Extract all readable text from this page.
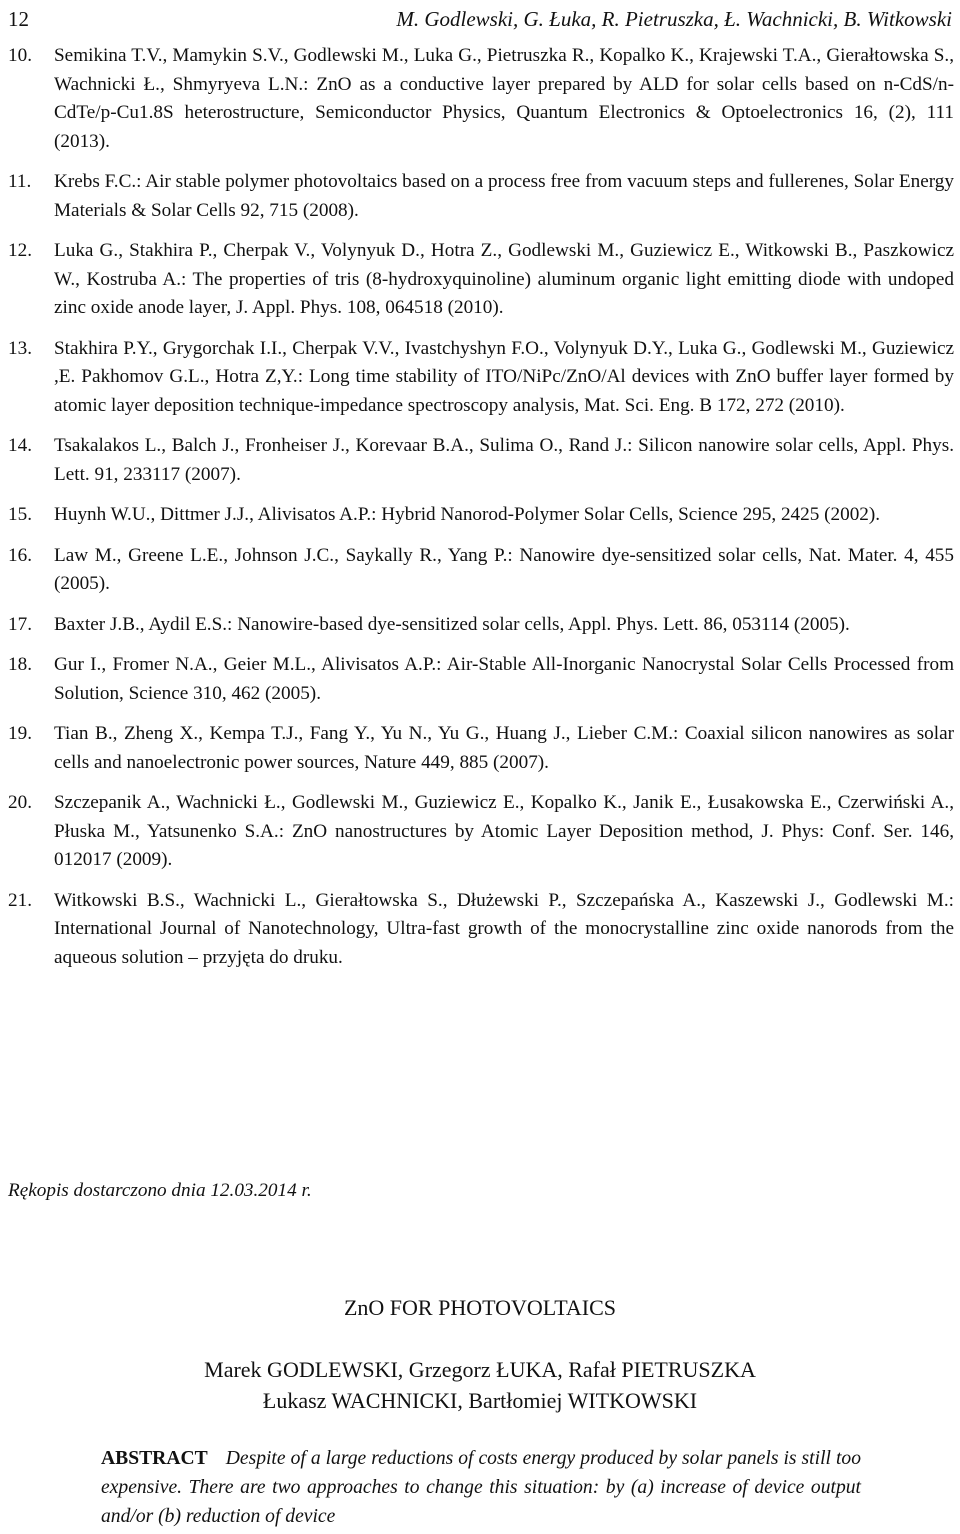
12	M. Godlewski, G. Łuka, R. Pietruszka, Ł. Wachnicki, B. Witkowski
10. Semikina T.V., Mamykin S.V., Godlewski M., Luka G., Pietruszka R., Kopalko K., Krajewski T.A., Gierałtowska S., Wachnicki Ł., Shmyryeva L.N.: ZnO as a conductive layer prepared by ALD for solar cells based on n-CdS/n-CdTe/p-Cu1.8S heterostructure, Semiconductor Physics, Quantum Electronics & Optoelectronics 16, (2), 111 (2013).
11. Krebs F.C.: Air stable polymer photovoltaics based on a process free from vacuum steps and fullerenes, Solar Energy Materials & Solar Cells 92, 715 (2008).
12. Luka G., Stakhira P., Cherpak V., Volynyuk D., Hotra Z., Godlewski M., Guziewicz E., Witkowski B., Paszkowicz W., Kostruba A.: The properties of tris (8-hydroxyquinoline) aluminum organic light emitting diode with undoped zinc oxide anode layer, J. Appl. Phys. 108, 064518 (2010).
13. Stakhira P.Y., Grygorchak I.I., Cherpak V.V., Ivastchyshyn F.O., Volynyuk D.Y., Luka G., Godlewski M., Guziewicz ,E. Pakhomov G.L., Hotra Z,Y.: Long time stability of ITO/NiPc/ZnO/Al devices with ZnO buffer layer formed by atomic layer deposition technique-impedance spectroscopy analysis, Mat. Sci. Eng. B 172, 272 (2010).
14. Tsakalakos L., Balch J., Fronheiser J., Korevaar B.A., Sulima O., Rand J.: Silicon nanowire solar cells, Appl. Phys. Lett. 91, 233117 (2007).
15. Huynh W.U., Dittmer J.J., Alivisatos A.P.: Hybrid Nanorod-Polymer Solar Cells, Science 295, 2425 (2002).
16. Law M., Greene L.E., Johnson J.C., Saykally R., Yang P.: Nanowire dye-sensitized solar cells, Nat. Mater. 4, 455 (2005).
17. Baxter J.B., Aydil E.S.: Nanowire-based dye-sensitized solar cells, Appl. Phys. Lett. 86, 053114 (2005).
18. Gur I., Fromer N.A., Geier M.L., Alivisatos A.P.: Air-Stable All-Inorganic Nanocrystal Solar Cells Processed from Solution, Science 310, 462 (2005).
19. Tian B., Zheng X., Kempa T.J., Fang Y., Yu N., Yu G., Huang J., Lieber C.M.: Coaxial silicon nanowires as solar cells and nanoelectronic power sources, Nature 449, 885 (2007).
20. Szczepanik A., Wachnicki Ł., Godlewski M., Guziewicz E., Kopalko K., Janik E., Łusakowska E., Czerwiński A., Płuska M., Yatsunenko S.A.: ZnO nanostructures by Atomic Layer Deposition method, J. Phys: Conf. Ser. 146, 012017 (2009).
21. Witkowski B.S., Wachnicki L., Gierałtowska S., Dłużewski P., Szczepańska A., Kaszewski J., Godlewski M.: International Journal of Nanotechnology, Ultra-fast growth of the monocrystalline zinc oxide nanorods from the aqueous solution – przyjęta do druku.
Rękopis dostarczono dnia 12.03.2014 r.
ZnO FOR PHOTOVOLTAICS
Marek GODLEWSKI, Grzegorz ŁUKA, Rafał PIETRUSZKA
Łukasz WACHNICKI, Bartłomiej WITKOWSKI
ABSTRACT Despite of a large reductions of costs energy produced by solar panels is still too expensive. There are two approaches to change this situation: by (a) increase of device output and/or (b) reduction of device
